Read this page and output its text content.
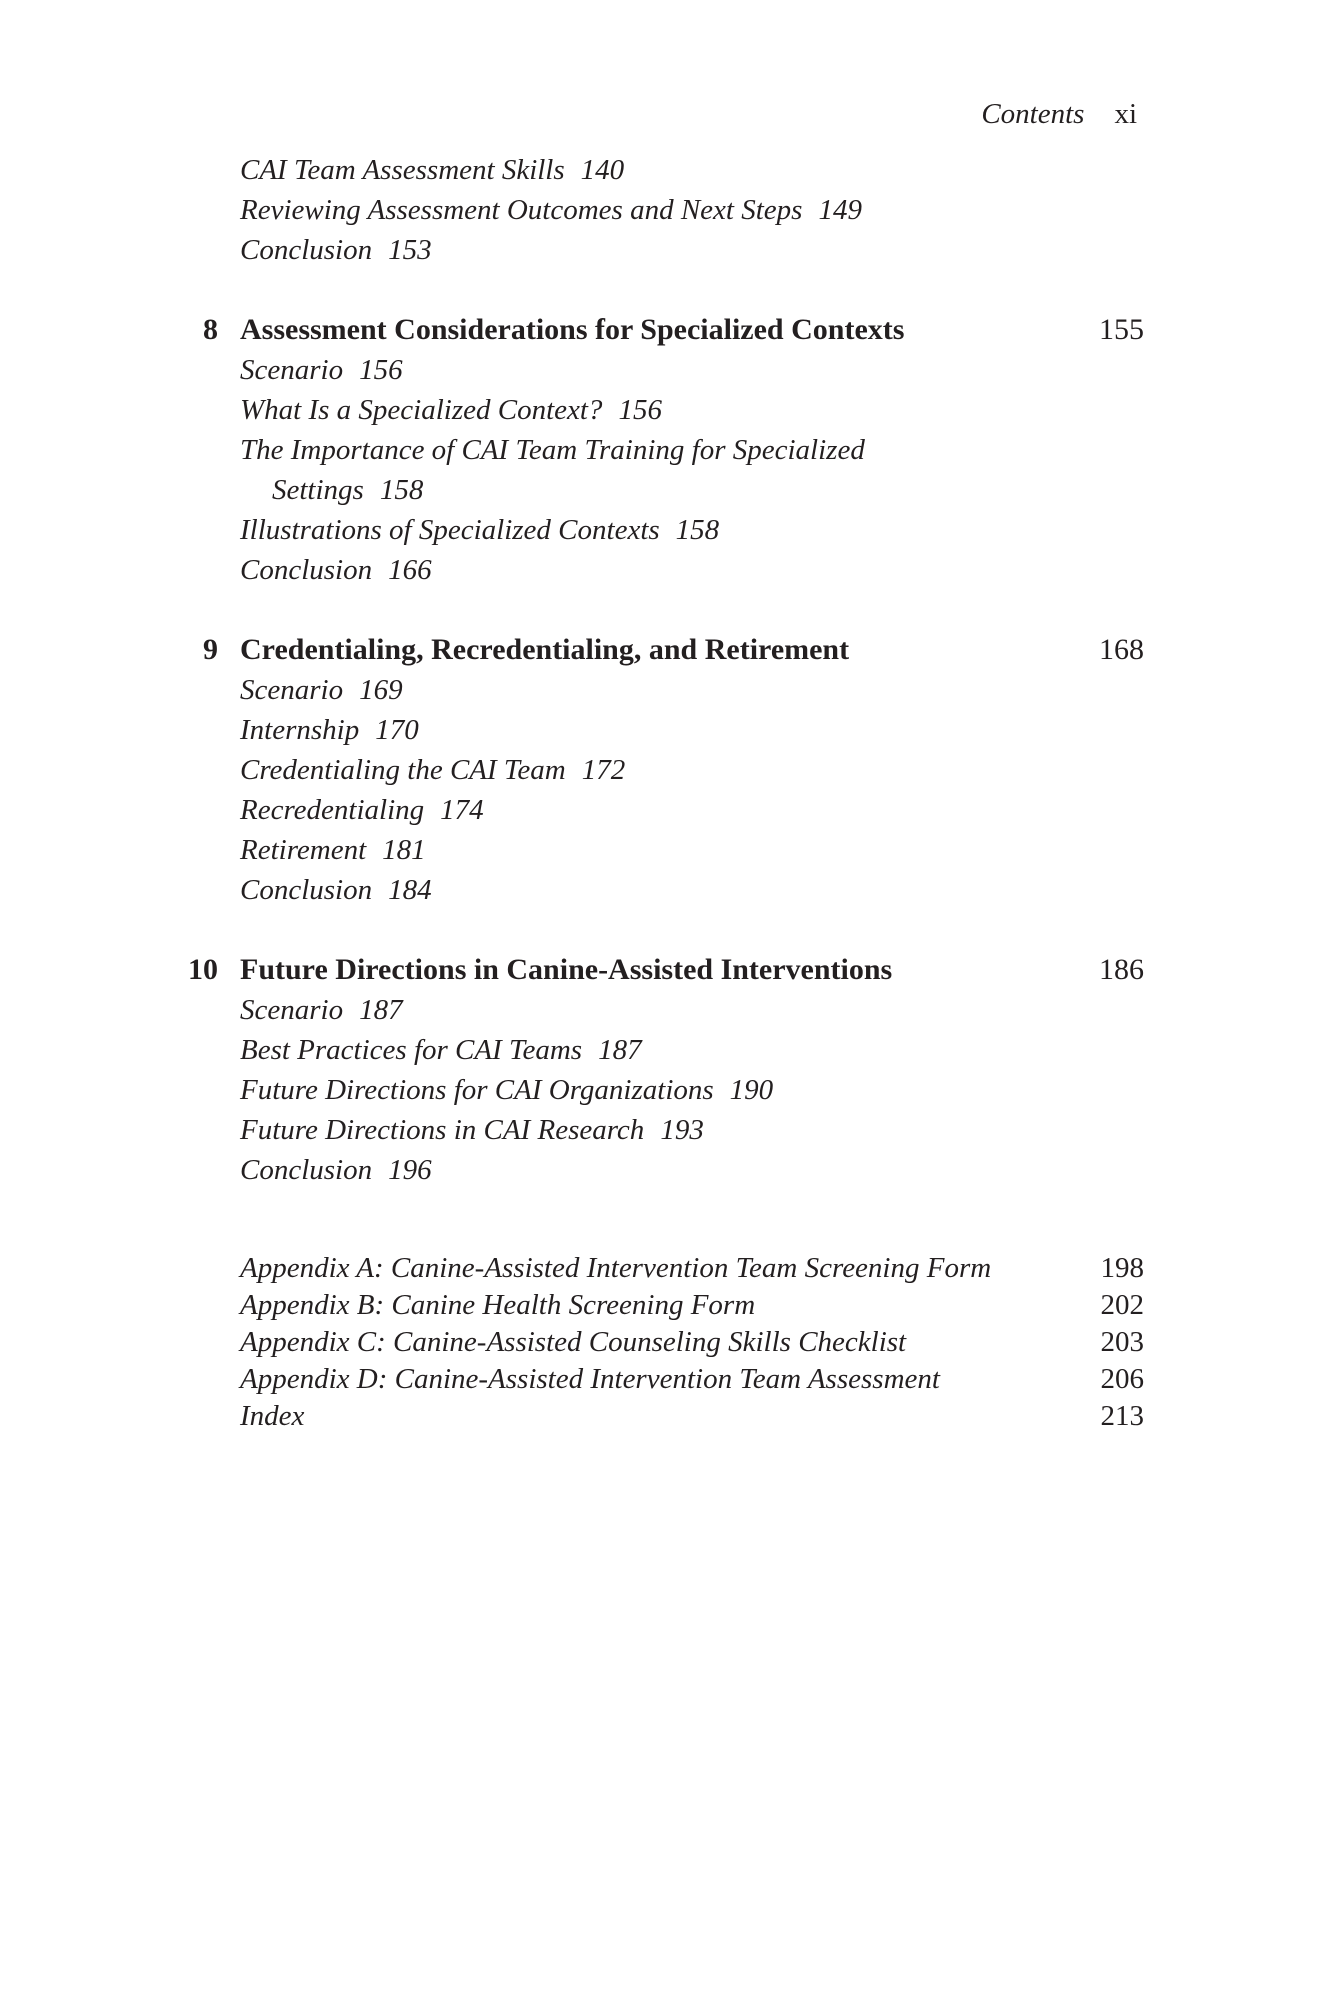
Contents xi
CAI Team Assessment Skills 140
Reviewing Assessment Outcomes and Next Steps 149
Conclusion 153
8 Assessment Considerations for Specialized Contexts	155
Scenario 156
What Is a Specialized Context? 156
The Importance of CAI Team Training for Specialized Settings 158
Illustrations of Specialized Contexts 158
Conclusion 166
9 Credentialing, Recredentialing, and Retirement	168
Scenario 169
Internship 170
Credentialing the CAI Team 172
Recredentialing 174
Retirement 181
Conclusion 184
10 Future Directions in Canine-Assisted Interventions	186
Scenario 187
Best Practices for CAI Teams 187
Future Directions for CAI Organizations 190
Future Directions in CAI Research 193
Conclusion 196
Appendix A: Canine-Assisted Intervention Team Screening Form	198
Appendix B: Canine Health Screening Form	202
Appendix C: Canine-Assisted Counseling Skills Checklist	203
Appendix D: Canine-Assisted Intervention Team Assessment	206
Index	213
